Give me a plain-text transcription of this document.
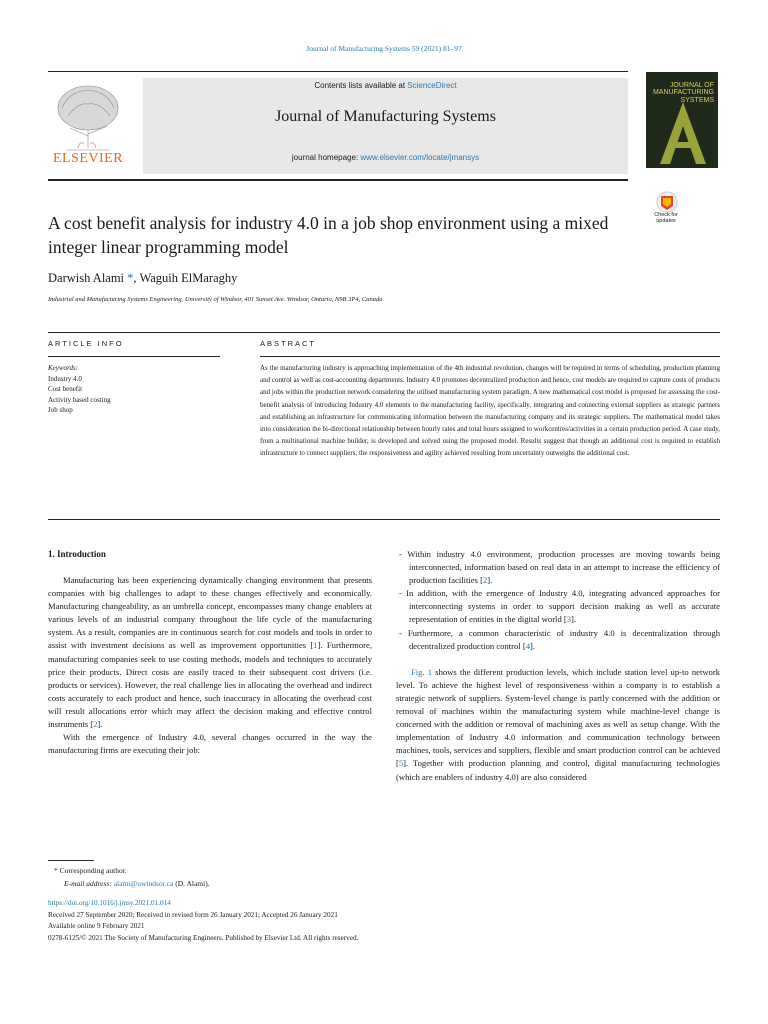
Journal of Manufacturing Systems 59 (2021) 81–97
ELSEVIER
Contents lists available at ScienceDirect
Journal of Manufacturing Systems
journal homepage: www.elsevier.com/locate/jmansys
JOURNAL OF MANUFACTURING SYSTEMS
A cost benefit analysis for industry 4.0 in a job shop environment using a mixed integer linear programming model
Check for updates
Darwish Alami *, Waguih ElMaraghy
Industrial and Manufacturing Systems Engineering, University of Windsor, 401 Sunset Ave. Windsor, Ontario, N9B 3P4, Canada
ARTICLE INFO	ABSTRACT
Keywords:
Industry 4.0
Cost benefit
Activity based costing
Job shop
As the manufacturing industry is approaching implementation of the 4th industrial revolution, changes will be required in terms of scheduling, production planning and control as well as cost-accounting departments. Industry 4.0 promotes decentralized production and hence, cost models are required to capture costs of products and jobs within the production network considering the utilised manufacturing system paradigm. A new mathematical cost model is proposed for assessing the cost-benefit analysis of introducing Industry 4.0 elements to the manufacturing facility, specifically, integrating and connecting external suppliers as strategic partners and establishing an infrastructure for communicating information between the manufacturing company and its strategic suppliers. The mathematical model takes into consideration the bi-directional relationship between hourly rates and total hours assigned to workcentres/activities in a certain production period. A case study, from a multinational machine builder, is developed and solved using the proposed model. Results suggest that though an additional cost is required to establish infrastructure to connect suppliers, the responsiveness and agility achieved resulting from uncertainty outweighs the additional cost.
1. Introduction

Manufacturing has been experiencing dynamically changing environment that presents companies with big challenges to adapt to these changes effectively and economically. Manufacturing changeability, as an umbrella concept, encompasses many change enablers at various levels of an industrial company throughout the life cycle of the manufacturing system. As a result, companies are in continuous search for cost models and tools in order to assist with investment decisions as well as improvement opportunities [1]. Furthermore, manufacturing companies seek to use costing methods, models and techniques to accurately price their products. Direct costs are easily traced to their subsequent cost drivers (i.e. products or services). However, the real challenge lies in allocating the overhead and indirect costs accurately to each product and hence, such inaccuracy in allocating the overhead cost will result allocations error which may affect the decision making and effective control instruments [2].

With the emergence of Industry 4.0, several changes occurred in the way the manufacturing firms are executing their job:

- Within industry 4.0 environment, production processes are moving towards being interconnected, information based on real data in an attempt to increase the efficiency of production facilities [2].
- In addition, with the emergence of Industry 4.0, integrating advanced approaches for interconnecting systems in order to support decision making as well as accurate representation of entities in the digital world [3].
- Furthermore, a common characteristic of industry 4.0 is decentralization through decentralized production control [4].

Fig. 1 shows the different production levels, which include station level up-to network level. To achieve the highest level of responsiveness within a company is to establish a strategic network of suppliers. System-level change is partly concerned with the addition or removal of machines within the manufacturing system while machine-level change is concerned with the addition or removal of machining axes as well as setup change. With the implementation of Industry 4.0 information and communication technology between machines, tools, services and suppliers, flexible and smart production control can be achieved [5]. Together with production planning and control, digital manufacturing technologies (which are enablers of industry 4.0) are also considered

* Corresponding author.
E-mail address: alami@uwindsor.ca (D. Alami).
https://doi.org/10.1016/j.jmsy.2021.01.014
Received 27 September 2020; Received in revised form 26 January 2021; Accepted 26 January 2021
Available online 9 February 2021
0278-6125/© 2021 The Society of Manufacturing Engineers. Published by Elsevier Ltd. All rights reserved.
